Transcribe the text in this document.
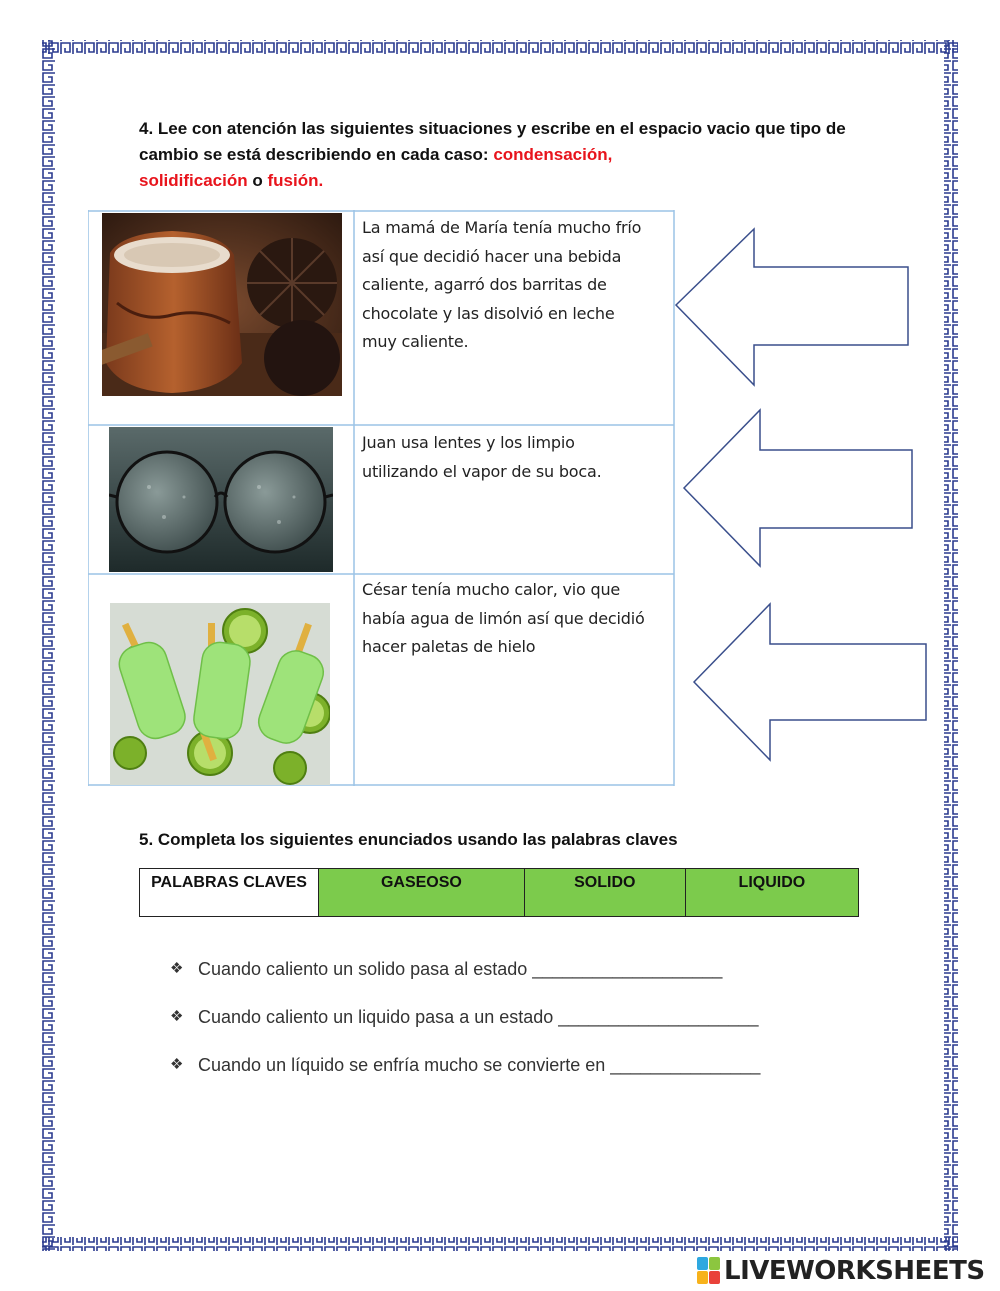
4. Lee con atención las siguientes situaciones y escribe en el espacio vacio que tipo de cambio se está describiendo en cada caso: condensación,
solidificación o fusión.
La mamá de María tenía mucho frío
así que decidió hacer una bebida
caliente, agarró dos barritas de
chocolate y las disolvió en leche
muy caliente.
Juan usa lentes y los limpio
utilizando el vapor de su boca.
César tenía mucho calor, vio que
había agua de limón así que decidió
hacer paletas de hielo
5. Completa los siguientes enunciados usando las palabras claves
PALABRAS CLAVES	GASEOSO	SOLIDO	LIQUIDO
❖ Cuando caliento un solido pasa al estado ___________________
❖ Cuando caliento un liquido pasa a un estado ____________________
❖ Cuando un líquido se enfría mucho se convierte en _______________
LIVEWORKSHEETS
